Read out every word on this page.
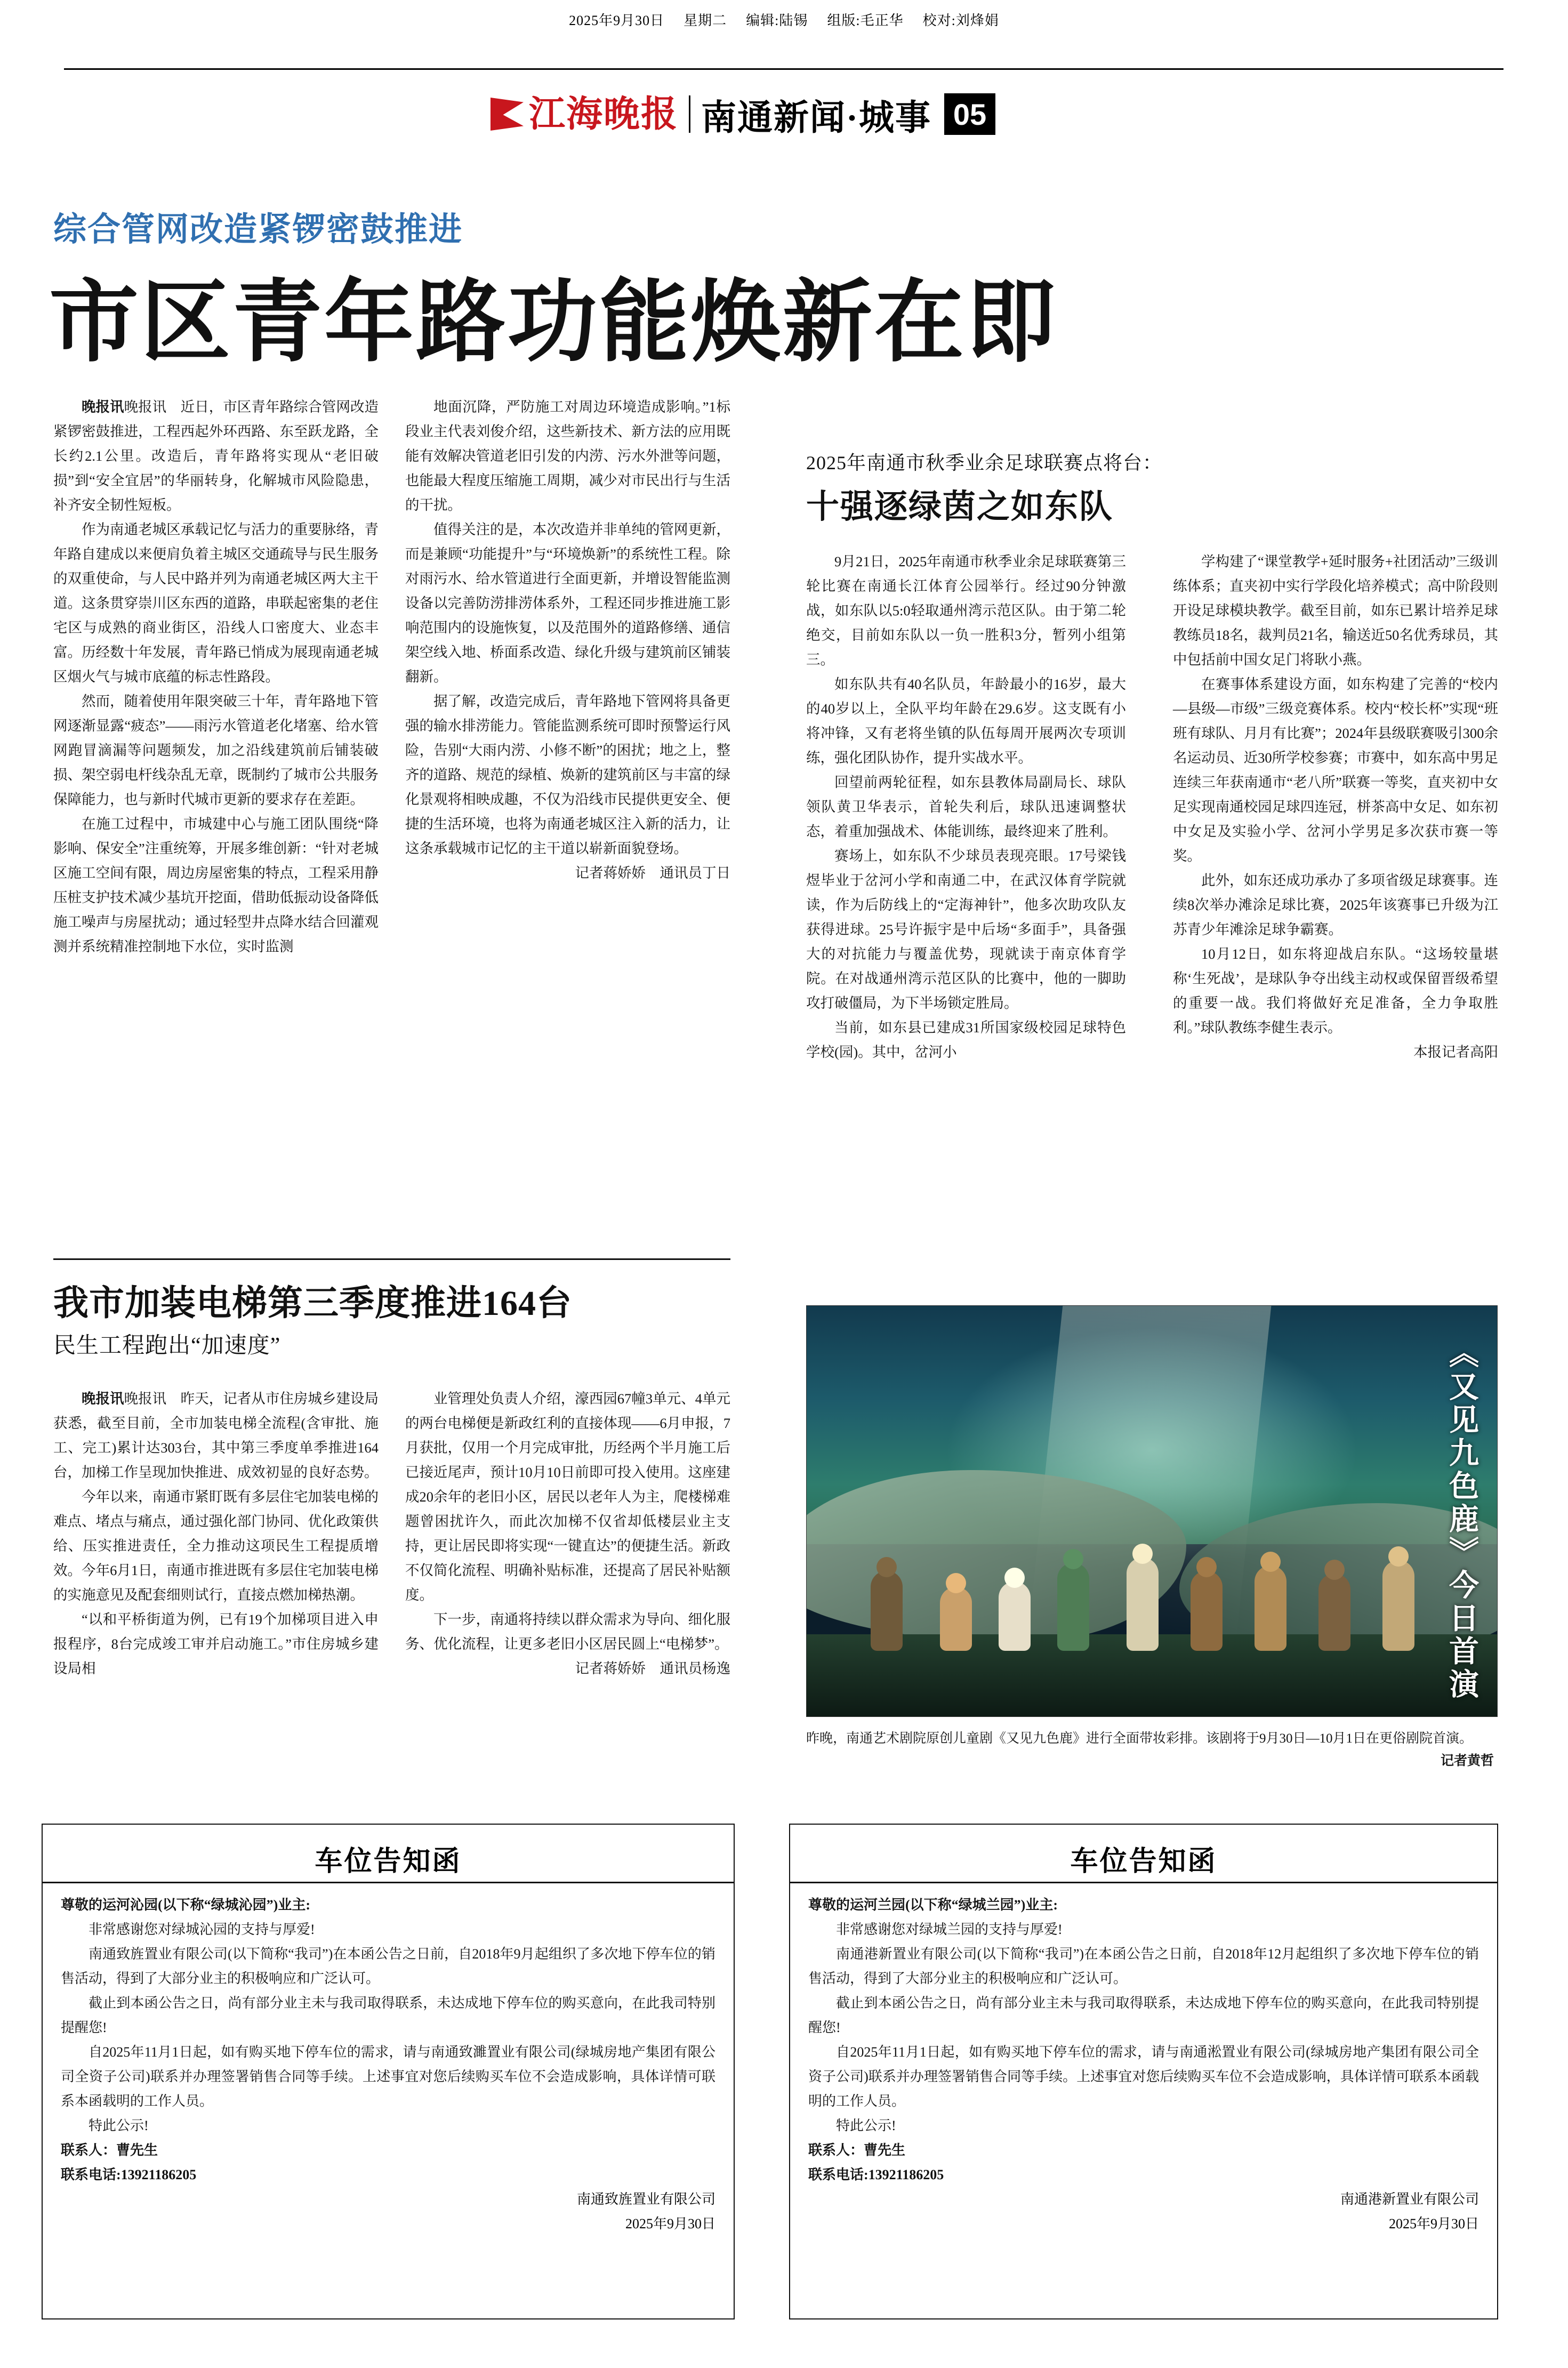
2025年9月30日 星期二 编辑:陆锡 组版:毛正华 校对:刘烽娟
江海晚报 南通新闻·城事 05
综合管网改造紧锣密鼓推进
市区青年路功能焕新在即

晚报讯晚报讯　近日，市区青年路综合管网改造紧锣密鼓推进，工程西起外环西路、东至跃龙路，全长约2.1公里。改造后，青年路将实现从“老旧破损”到“安全宜居”的华丽转身，化解城市风险隐患，补齐安全韧性短板。

作为南通老城区承载记忆与活力的重要脉络，青年路自建成以来便肩负着主城区交通疏导与民生服务的双重使命，与人民中路并列为南通老城区两大主干道。这条贯穿崇川区东西的道路，串联起密集的老住宅区与成熟的商业街区，沿线人口密度大、业态丰富。历经数十年发展，青年路已悄成为展现南通老城区烟火气与城市底蕴的标志性路段。

然而，随着使用年限突破三十年，青年路地下管网逐渐显露“疲态”——雨污水管道老化堵塞、给水管网跑冒滴漏等问题频发，加之沿线建筑前后铺装破损、架空弱电杆线杂乱无章，既制约了城市公共服务保障能力，也与新时代城市更新的要求存在差距。

在施工过程中，市城建中心与施工团队围绕“降影响、保安全”注重统筹，开展多维创新：“针对老城区施工空间有限，周边房屋密集的特点，工程采用静压桩支护技术减少基坑开挖面，借助低振动设备降低施工噪声与房屋扰动；通过轻型井点降水结合回灌观测并系统精准控制地下水位，实时监测

地面沉降，严防施工对周边环境造成影响。”1标段业主代表刘俊介绍，这些新技术、新方法的应用既能有效解决管道老旧引发的内涝、污水外泄等问题，也能最大程度压缩施工周期，减少对市民出行与生活的干扰。

值得关注的是，本次改造并非单纯的管网更新，而是兼顾“功能提升”与“环境焕新”的系统性工程。除对雨污水、给水管道进行全面更新，并增设智能监测设备以完善防涝排涝体系外，工程还同步推进施工影响范围内的设施恢复，以及范围外的道路修缮、通信架空线入地、桥面系改造、绿化升级与建筑前区铺装翻新。

据了解，改造完成后，青年路地下管网将具备更强的输水排涝能力。管能监测系统可即时预警运行风险，告别“大雨内涝、小修不断”的困扰；地之上，整齐的道路、规范的绿植、焕新的建筑前区与丰富的绿化景观将相映成趣，不仅为沿线市民提供更安全、便捷的生活环境，也将为南通老城区注入新的活力，让这条承载城市记忆的主干道以崭新面貌登场。

记者蒋娇娇　通讯员丁日

2025年南通市秋季业余足球联赛点将台：
十强逐绿茵之如东队

9月21日，2025年南通市秋季业余足球联赛第三轮比赛在南通长江体育公园举行。经过90分钟激战，如东队以5:0轻取通州湾示范区队。由于第二轮绝交，目前如东队以一负一胜积3分，暂列小组第三。

如东队共有40名队员，年龄最小的16岁，最大的40岁以上，全队平均年龄在29.6岁。这支既有小将冲锋，又有老将坐镇的队伍每周开展两次专项训练，强化团队协作，提升实战水平。

回望前两轮征程，如东县教体局副局长、球队领队黄卫华表示，首轮失利后，球队迅速调整状态，着重加强战术、体能训练，最终迎来了胜利。

赛场上，如东队不少球员表现亮眼。17号梁钱煜毕业于岔河小学和南通二中，在武汉体育学院就读，作为后防线上的“定海神针”，他多次助攻队友获得进球。25号许振宇是中后场“多面手”，具备强大的对抗能力与覆盖优势，现就读于南京体育学院。在对战通州湾示范区队的比赛中，他的一脚助攻打破僵局，为下半场锁定胜局。

当前，如东县已建成31所国家级校园足球特色学校(园)。其中，岔河小

学构建了“课堂教学+延时服务+社团活动”三级训练体系；直夹初中实行学段化培养模式；高中阶段则开设足球模块教学。截至目前，如东已累计培养足球教练员18名，裁判员21名，输送近50名优秀球员，其中包括前中国女足门将耿小燕。

在赛事体系建设方面，如东构建了完善的“校内—县级—市级”三级竞赛体系。校内“校长杯”实现“班班有球队、月月有比赛”；2024年县级联赛吸引300余名运动员、近30所学校参赛；市赛中，如东高中男足连续三年获南通市“老八所”联赛一等奖，直夹初中女足实现南通校园足球四连冠，栟茶高中女足、如东初中女足及实验小学、岔河小学男足多次获市赛一等奖。

此外，如东还成功承办了多项省级足球赛事。连续8次举办滩涂足球比赛，2025年该赛事已升级为江苏青少年滩涂足球争霸赛。

10月12日，如东将迎战启东队。“这场较量堪称‘生死战’，是球队争夺出线主动权或保留晋级希望的重要一战。我们将做好充足准备，全力争取胜利。”球队教练李健生表示。

本报记者高阳

我市加装电梯第三季度推进164台
民生工程跑出“加速度”

晚报讯晚报讯　昨天，记者从市住房城乡建设局获悉，截至目前，全市加装电梯全流程(含审批、施工、完工)累计达303台，其中第三季度单季推进164台，加梯工作呈现加快推进、成效初显的良好态势。

今年以来，南通市紧盯既有多层住宅加装电梯的难点、堵点与痛点，通过强化部门协同、优化政策供给、压实推进责任，全力推动这项民生工程提质增效。今年6月1日，南通市推进既有多层住宅加装电梯的实施意见及配套细则试行，直接点燃加梯热潮。

“以和平桥街道为例，已有19个加梯项目进入申报程序，8台完成竣工审并启动施工。”市住房城乡建设局相

业管理处负责人介绍，濠西园67幢3单元、4单元的两台电梯便是新政红利的直接体现——6月申报，7月获批，仅用一个月完成审批，历经两个半月施工后已接近尾声，预计10月10日前即可投入使用。这座建成20余年的老旧小区，居民以老年人为主，爬楼梯难题曾困扰许久，而此次加梯不仅省却低楼层业主支持，更让居民即将实现“一键直达”的便捷生活。新政不仅简化流程、明确补贴标准，还提高了居民补贴额度。

下一步，南通将持续以群众需求为导向、细化服务、优化流程，让更多老旧小区居民圆上“电梯梦”。

记者蒋娇娇　通讯员杨逸	《又见九色鹿》今日首演
昨晚，南通艺术剧院原创儿童剧《又见九色鹿》进行全面带妆彩排。该剧将于9月30日—10月1日在更俗剧院首演。
记者黄哲
车位告知函

尊敬的运河沁园(以下称“绿城沁园”)业主:

非常感谢您对绿城沁园的支持与厚爱!

南通致旌置业有限公司(以下简称“我司”)在本函公告之日前，自2018年9月起组织了多次地下停车位的销售活动，得到了大部分业主的积极响应和广泛认可。

截止到本函公告之日，尚有部分业主未与我司取得联系，未达成地下停车位的购买意向，在此我司特别提醒您!

自2025年11月1日起，如有购买地下停车位的需求，请与南通致濉置业有限公司(绿城房地产集团有限公司全资子公司)联系并办理签署销售合同等手续。上述事宜对您后续购买车位不会造成影响，具体详情可联系本函载明的工作人员。

特此公示!

联系人：曹先生

联系电话:13921186205

南通致旌置业有限公司
2025年9月30日
车位告知函

尊敬的运河兰园(以下称“绿城兰园”)业主:

非常感谢您对绿城兰园的支持与厚爱!

南通港新置业有限公司(以下简称“我司”)在本函公告之日前，自2018年12月起组织了多次地下停车位的销售活动，得到了大部分业主的积极响应和广泛认可。

截止到本函公告之日，尚有部分业主未与我司取得联系，未达成地下停车位的购买意向，在此我司特别提醒您!

自2025年11月1日起，如有购买地下停车位的需求，请与南通淞置业有限公司(绿城房地产集团有限公司全资子公司)联系并办理签署销售合同等手续。上述事宜对您后续购买车位不会造成影响，具体详情可联系本函载明的工作人员。

特此公示!

联系人：曹先生

联系电话:13921186205

南通港新置业有限公司
2025年9月30日
